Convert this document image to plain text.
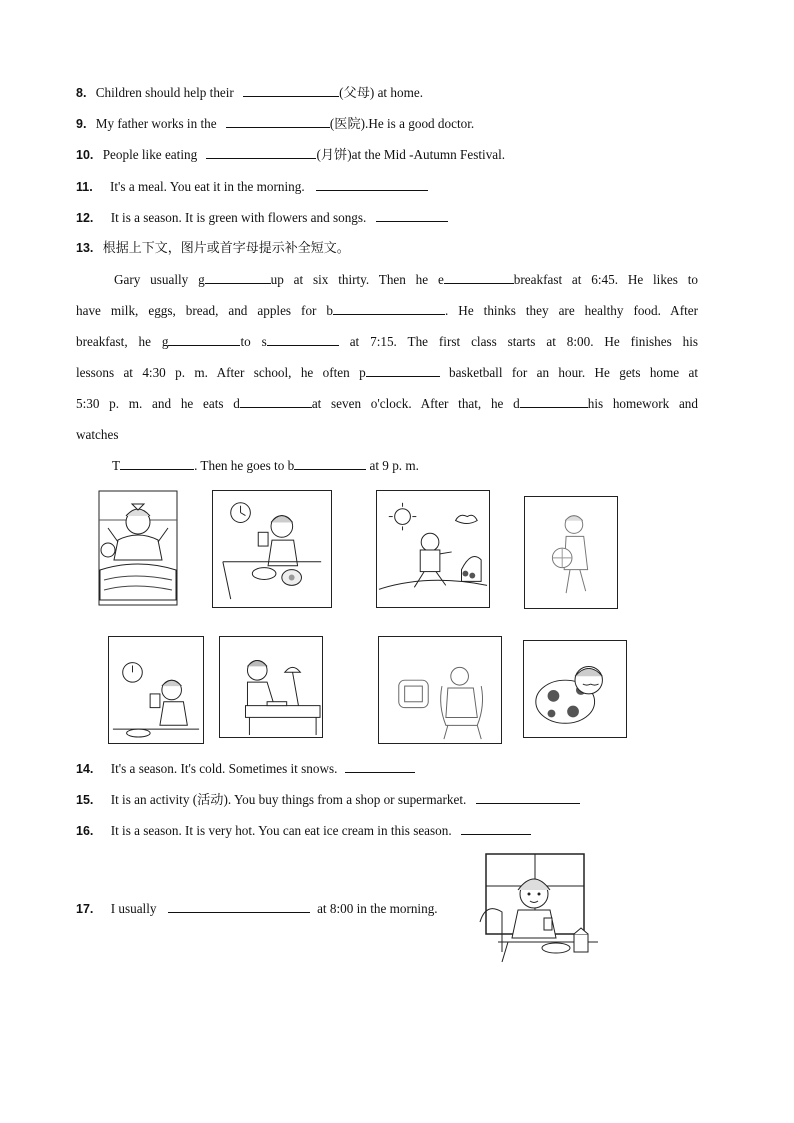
8. Children should help their	(父母) at home.
9. My father works in the	(医院).He is a good doctor.
10. People like eating	(月饼)at the Mid -Autumn Festival.
11. It's a meal. You eat it in the morning.
12. It is a season. It is green with flowers and songs.
13. 根据上下文，图片或首字母提示补全短文。

Gary usually g	up at six thirty. Then he e	breakfast at 6:45. He likes to

have milk, eggs, bread, and apples for b	. He thinks they are healthy food. After

breakfast, he g	to s	at 7:15. The first class starts at 8:00. He finishes his

lessons at 4:30 p. m. After school, he often p	basketball for an hour. He gets home at

5:30 p. m. and he eats d	at seven o'clock. After that, he d	his homework and

watches

T	. Then he goes to b	at 9 p. m.

14. It's a season. It's cold. Sometimes it snows.
15. It is an activity (活动). You buy things from a shop or supermarket.
16. It is a season. It is very hot. You can eat ice cream in this season.
17. I usually	at 8:00 in the morning.
